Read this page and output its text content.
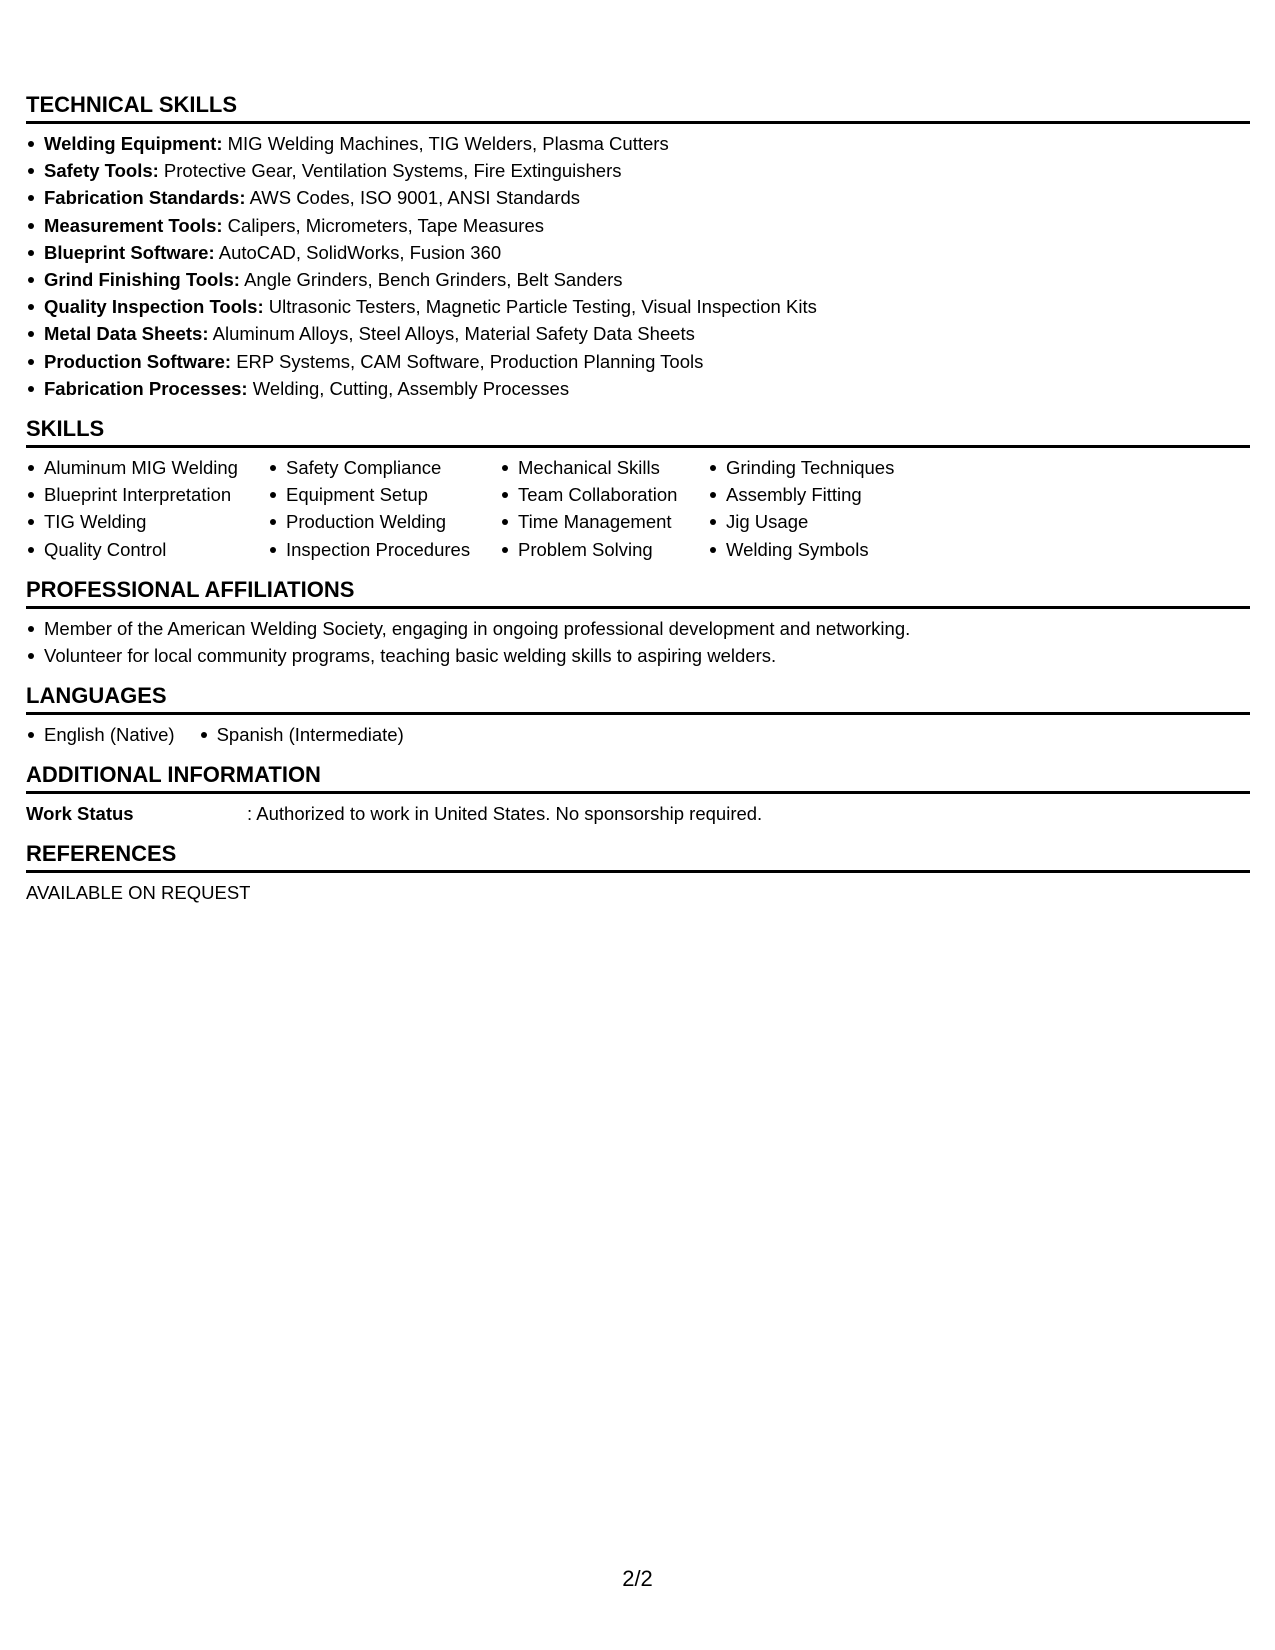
TECHNICAL SKILLS
Welding Equipment: MIG Welding Machines, TIG Welders, Plasma Cutters
Safety Tools: Protective Gear, Ventilation Systems, Fire Extinguishers
Fabrication Standards: AWS Codes, ISO 9001, ANSI Standards
Measurement Tools: Calipers, Micrometers, Tape Measures
Blueprint Software: AutoCAD, SolidWorks, Fusion 360
Grind Finishing Tools: Angle Grinders, Bench Grinders, Belt Sanders
Quality Inspection Tools: Ultrasonic Testers, Magnetic Particle Testing, Visual Inspection Kits
Metal Data Sheets: Aluminum Alloys, Steel Alloys, Material Safety Data Sheets
Production Software: ERP Systems, CAM Software, Production Planning Tools
Fabrication Processes: Welding, Cutting, Assembly Processes
SKILLS
Aluminum MIG Welding
Blueprint Interpretation
TIG Welding
Quality Control
Safety Compliance
Equipment Setup
Production Welding
Inspection Procedures
Mechanical Skills
Team Collaboration
Time Management
Problem Solving
Grinding Techniques
Assembly Fitting
Jig Usage
Welding Symbols
PROFESSIONAL AFFILIATIONS
Member of the American Welding Society, engaging in ongoing professional development and networking.
Volunteer for local community programs, teaching basic welding skills to aspiring welders.
LANGUAGES
English (Native)	Spanish (Intermediate)
ADDITIONAL INFORMATION
Work Status	: Authorized to work in United States. No sponsorship required.
REFERENCES
AVAILABLE ON REQUEST
2/2
